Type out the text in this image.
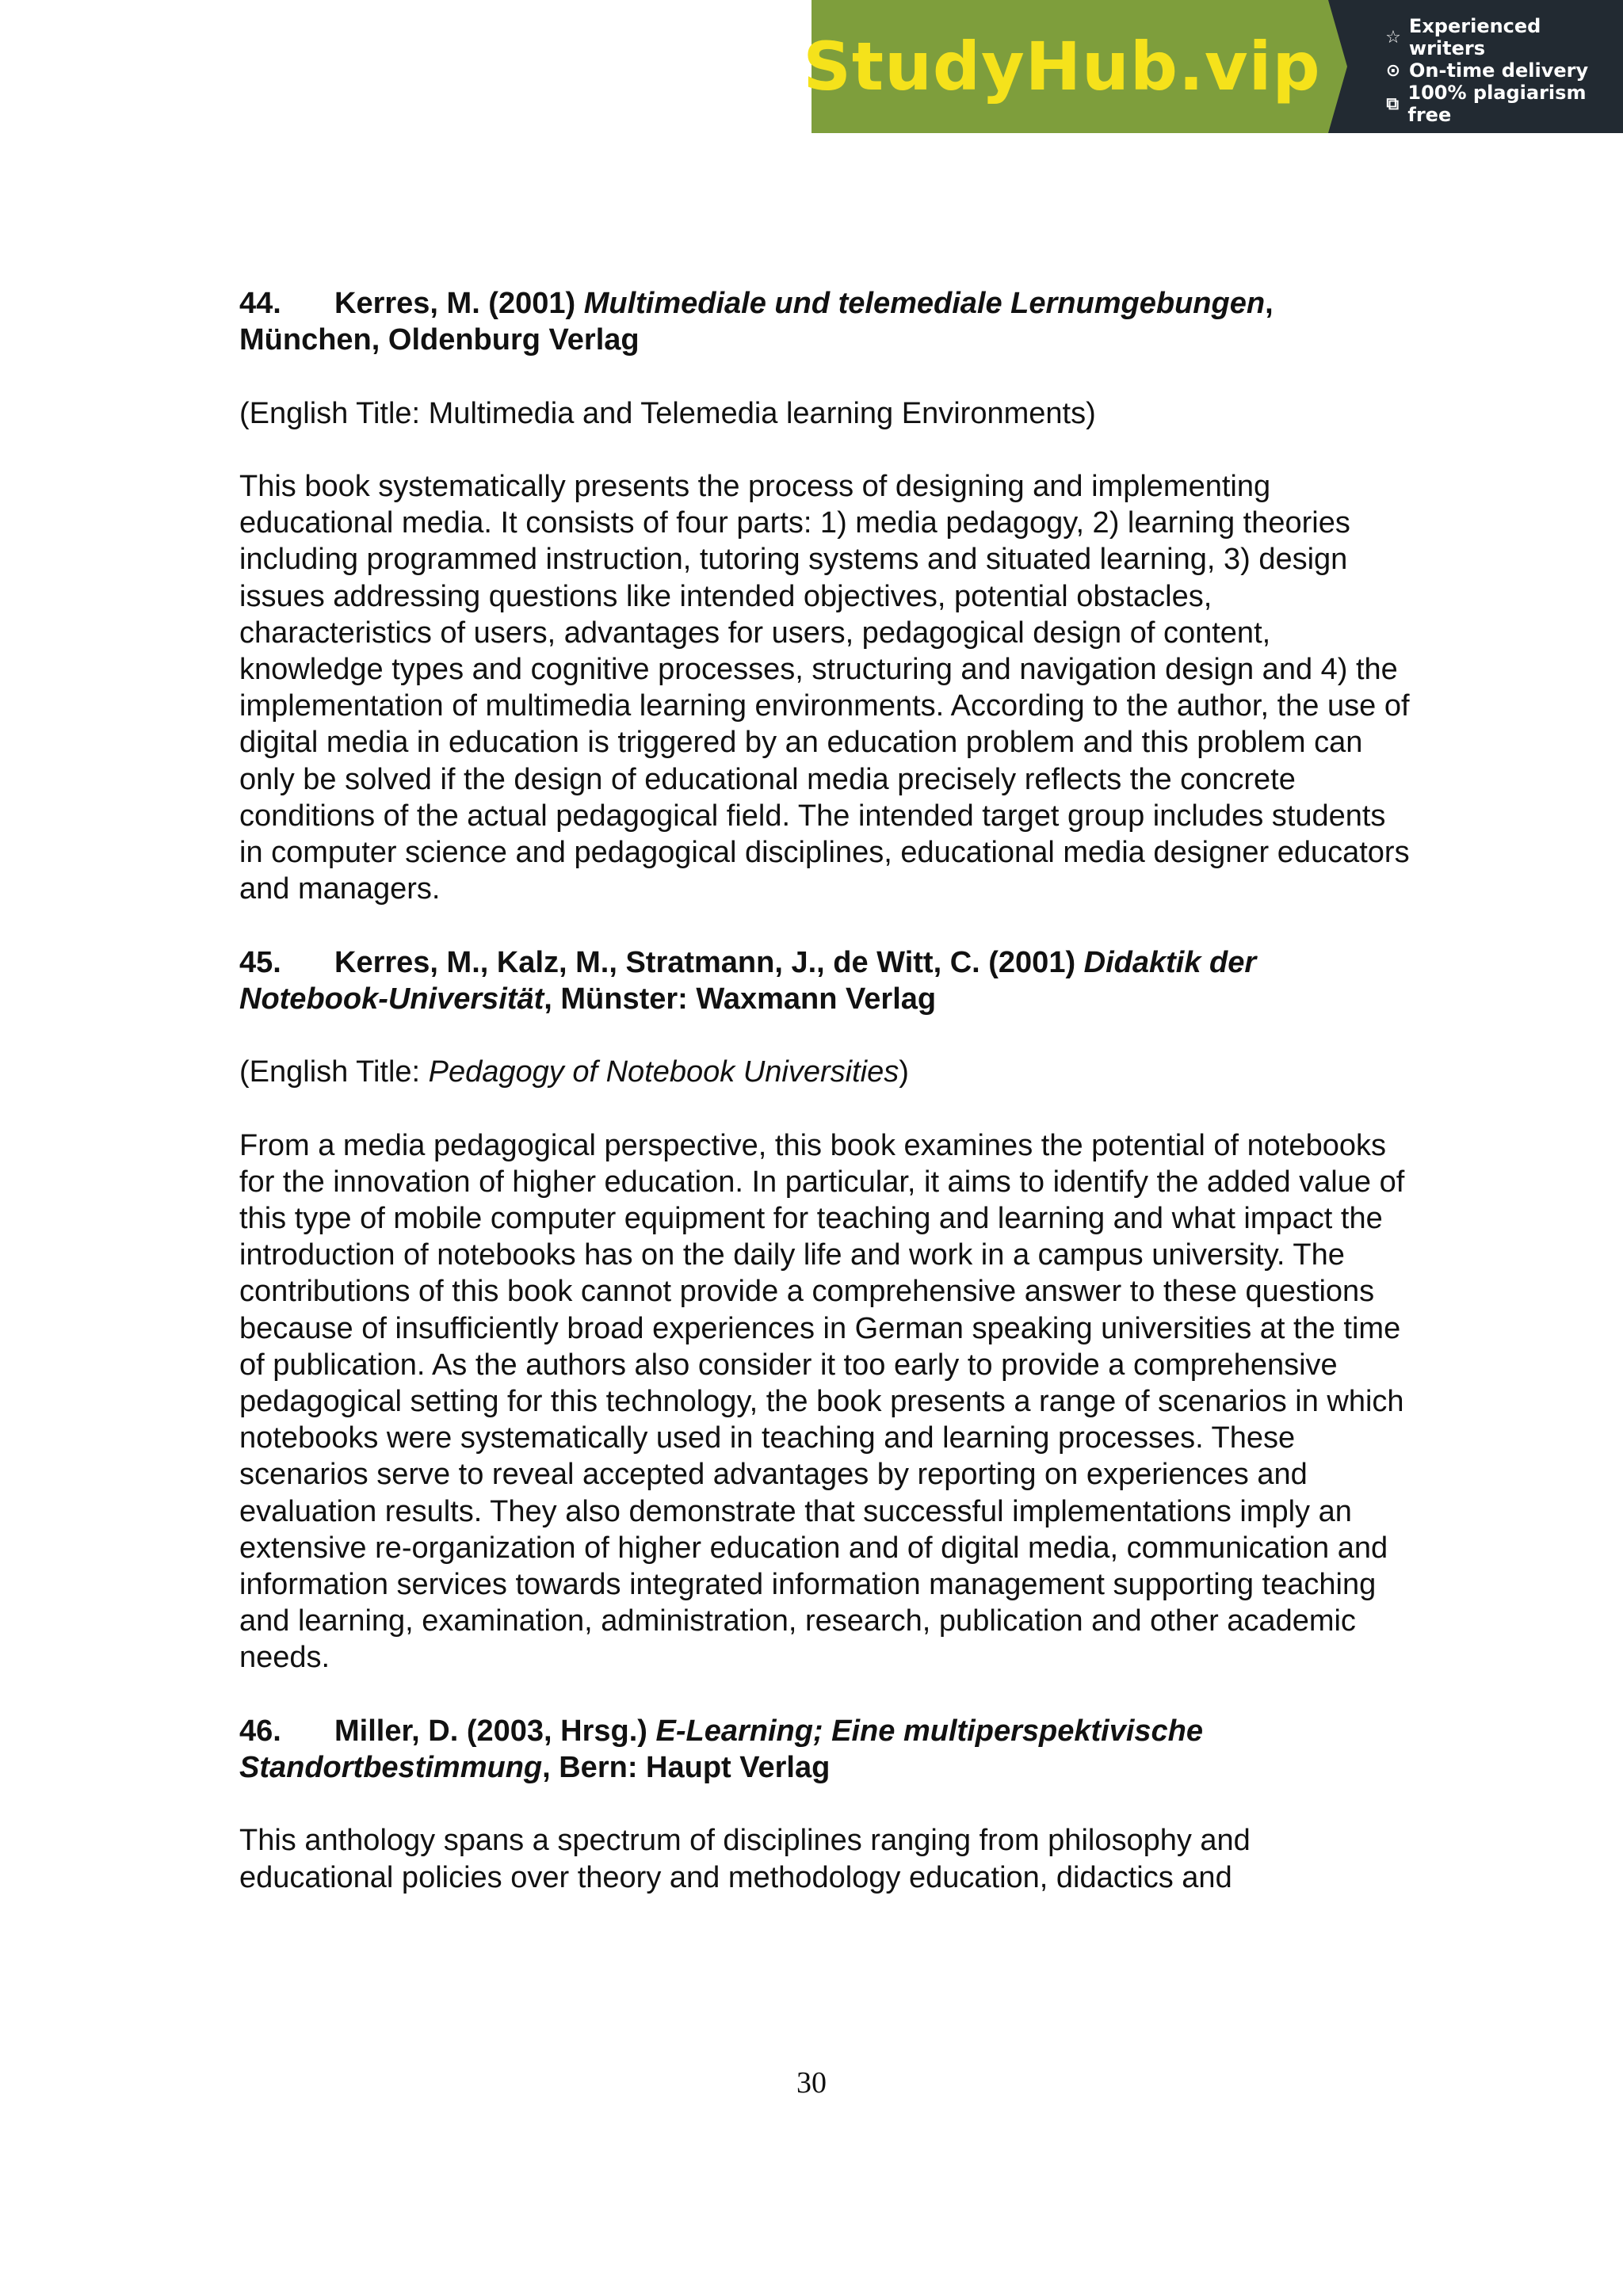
StudyHub.vip	☆ Experienced writers
⊙ On-time delivery
⧉ 100% plagiarism free

44. Kerres, M. (2001) Multimediale und telemediale Lernumgebungen, München, Oldenburg Verlag

(English Title: Multimedia and Telemedia learning Environments)

This book systematically presents the process of designing and implementing educational media. It consists of four parts: 1) media pedagogy, 2) learning theories including programmed instruction, tutoring systems and situated learning, 3) design issues addressing questions like intended objectives, potential obstacles, characteristics of users, advantages for users, pedagogical design of content, knowledge types and cognitive processes, structuring and navigation design and 4) the implementation of multimedia learning environments. According to the author, the use of digital media in education is triggered by an education problem and this problem can only be solved if the design of educational media precisely reflects the concrete conditions of the actual pedagogical field. The intended target group includes students in computer science and pedagogical disciplines, educational media designer educators and managers.

45. Kerres, M., Kalz, M., Stratmann, J., de Witt, C. (2001) Didaktik der Notebook-Universität, Münster: Waxmann Verlag

(English Title: Pedagogy of Notebook Universities)

From a media pedagogical perspective, this book examines the potential of notebooks for the innovation of higher education. In particular, it aims to identify the added value of this type of mobile computer equipment for teaching and learning and what impact the introduction of notebooks has on the daily life and work in a campus university. The contributions of this book cannot provide a comprehensive answer to these questions because of insufficiently broad experiences in German speaking universities at the time of publication. As the authors also consider it too early to provide a comprehensive pedagogical setting for this technology, the book presents a range of scenarios in which notebooks were systematically used in teaching and learning processes. These scenarios serve to reveal accepted advantages by reporting on experiences and evaluation results. They also demonstrate that successful implementations imply an extensive re-organization of higher education and of digital media, communication and information services towards integrated information management supporting teaching and learning, examination, administration, research, publication and other academic needs.

46. Miller, D. (2003, Hrsg.) E-Learning; Eine multiperspektivische Standortbestimmung, Bern: Haupt Verlag

This anthology spans a spectrum of disciplines ranging from philosophy and educational policies over theory and methodology education, didactics and

30
